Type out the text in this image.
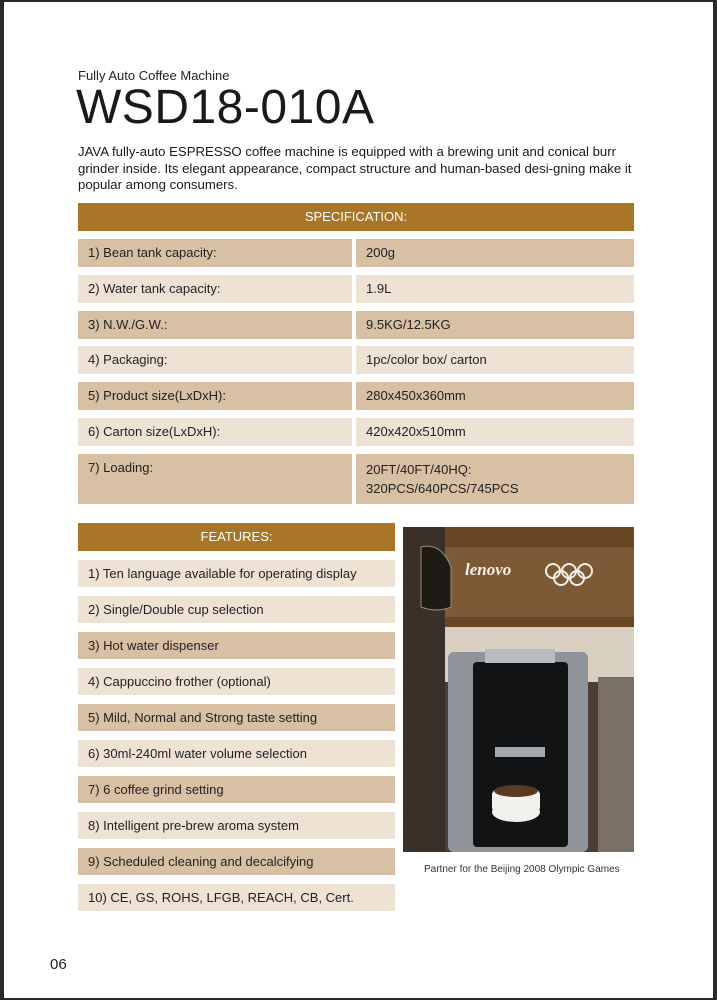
Fully Auto Coffee Machine
WSD18-010A
JAVA fully-auto ESPRESSO coffee machine is equipped with a brewing unit and conical burr grinder inside. Its elegant appearance, compact structure and human-based desi-gning make it popular among consumers.
SPECIFICATION:
1) Bean tank capacity:	200g
2) Water tank capacity:	1.9L
3) N.W./G.W.:	9.5KG/12.5KG
4) Packaging:	1pc/color box/ carton
5) Product size(LxDxH):	280x450x360mm
6) Carton size(LxDxH):	420x420x510mm
7) Loading:	20FT/40FT/40HQ:
320PCS/640PCS/745PCS
FEATURES:
1) Ten language available for operating display
2) Single/Double cup selection
3) Hot water dispenser
4) Cappuccino frother (optional)
5) Mild, Normal and Strong taste setting
6) 30ml-240ml water volume selection
7) 6 coffee grind setting
8) Intelligent pre-brew aroma system
9) Scheduled cleaning and decalcifying
10) CE, GS, ROHS, LFGB, REACH, CB, Cert.
lenovo
Partner for the Beijing 2008 Olympic Games
06
